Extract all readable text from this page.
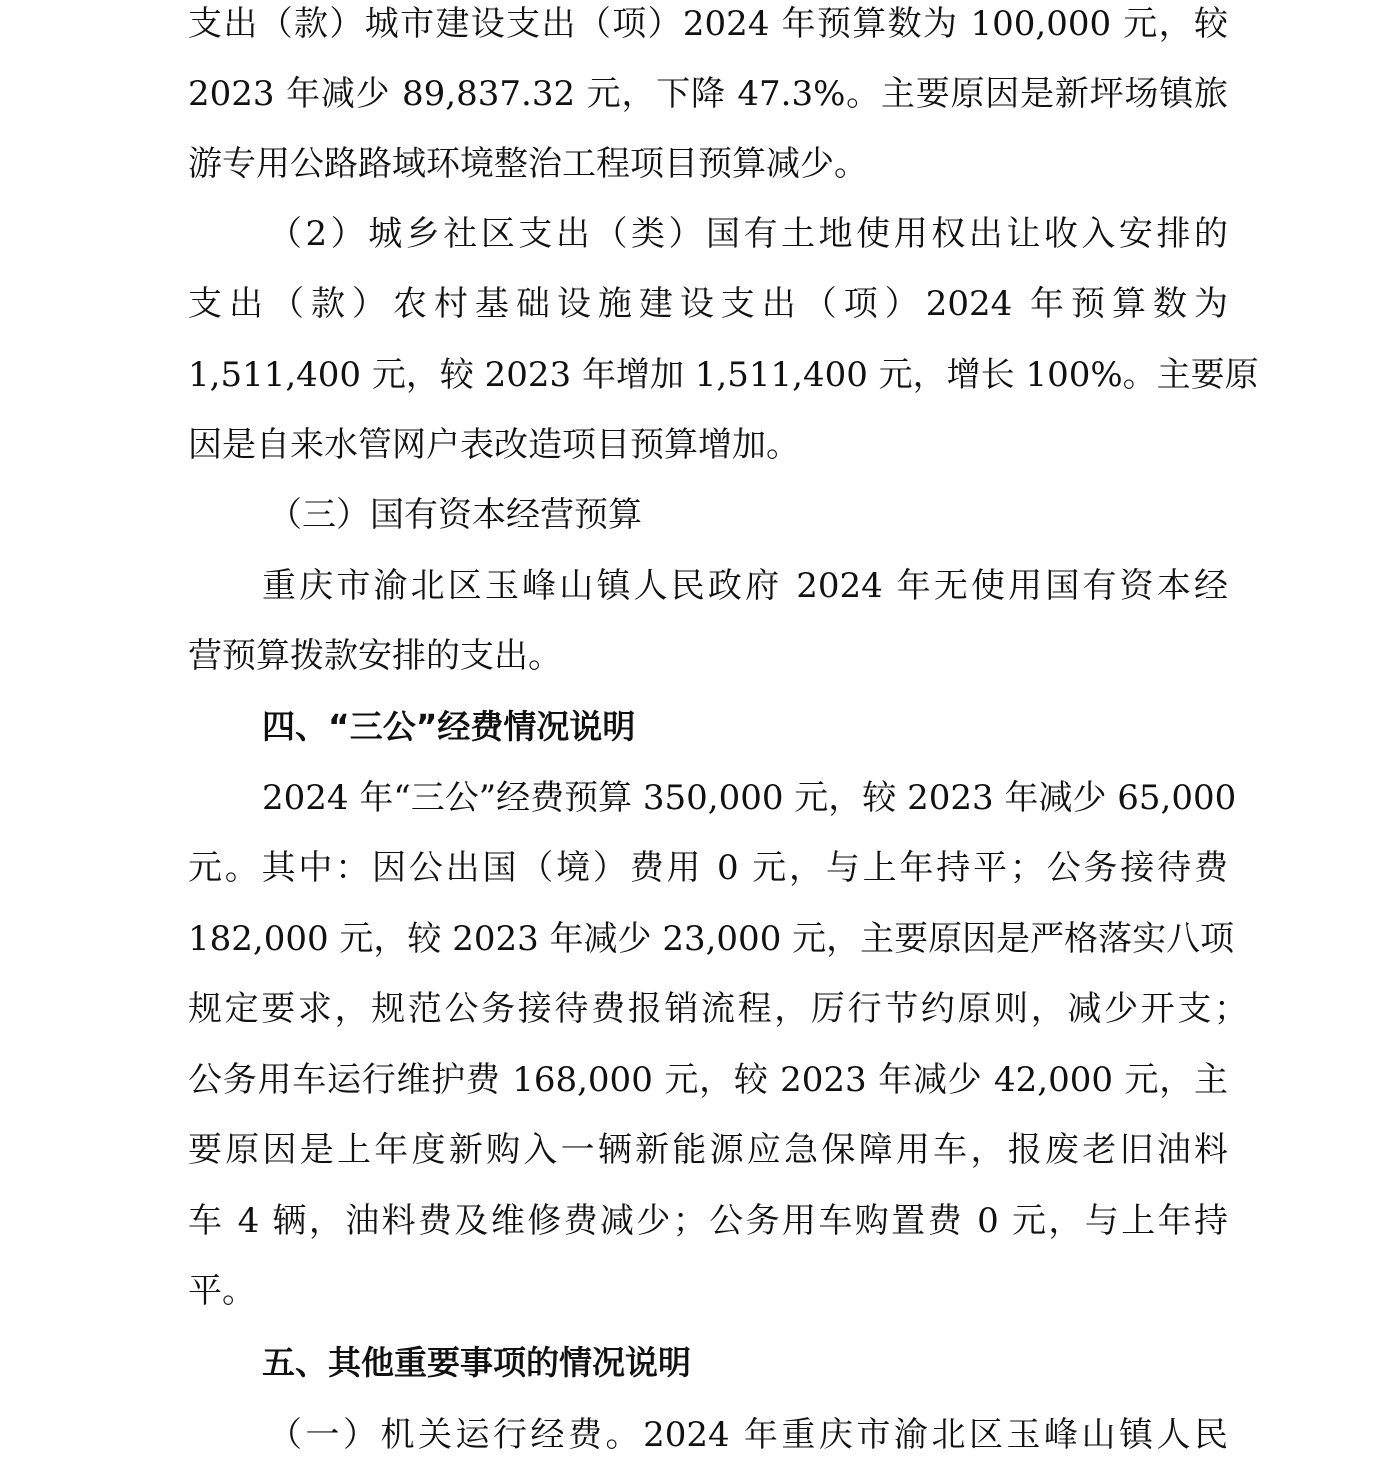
支出（款）城市建设支出（项）2024 年预算数为 100,000 元，较
2023 年减少 89,837.32 元，下降 47.3%。主要原因是新坪场镇旅
游专用公路路域环境整治工程项目预算减少。
（2）城乡社区支出（类）国有土地使用权出让收入安排的
支出（款）农村基础设施建设支出（项）2024 年预算数为
1,511,400 元，较 2023 年增加 1,511,400 元，增长 100%。主要原
因是自来水管网户表改造项目预算增加。
（三）国有资本经营预算
重庆市渝北区玉峰山镇人民政府 2024 年无使用国有资本经
营预算拨款安排的支出。
四、“三公”经费情况说明
2024 年“三公”经费预算 350,000 元，较 2023 年减少 65,000
元。其中：因公出国（境）费用 0 元，与上年持平；公务接待费
182,000 元，较 2023 年减少 23,000 元，主要原因是严格落实八项
规定要求，规范公务接待费报销流程，厉行节约原则，减少开支；
公务用车运行维护费 168,000 元，较 2023 年减少 42,000 元，主
要原因是上年度新购入一辆新能源应急保障用车，报废老旧油料
车 4 辆，油料费及维修费减少；公务用车购置费 0 元，与上年持
平。
五、其他重要事项的情况说明
（一）机关运行经费。2024 年重庆市渝北区玉峰山镇人民
